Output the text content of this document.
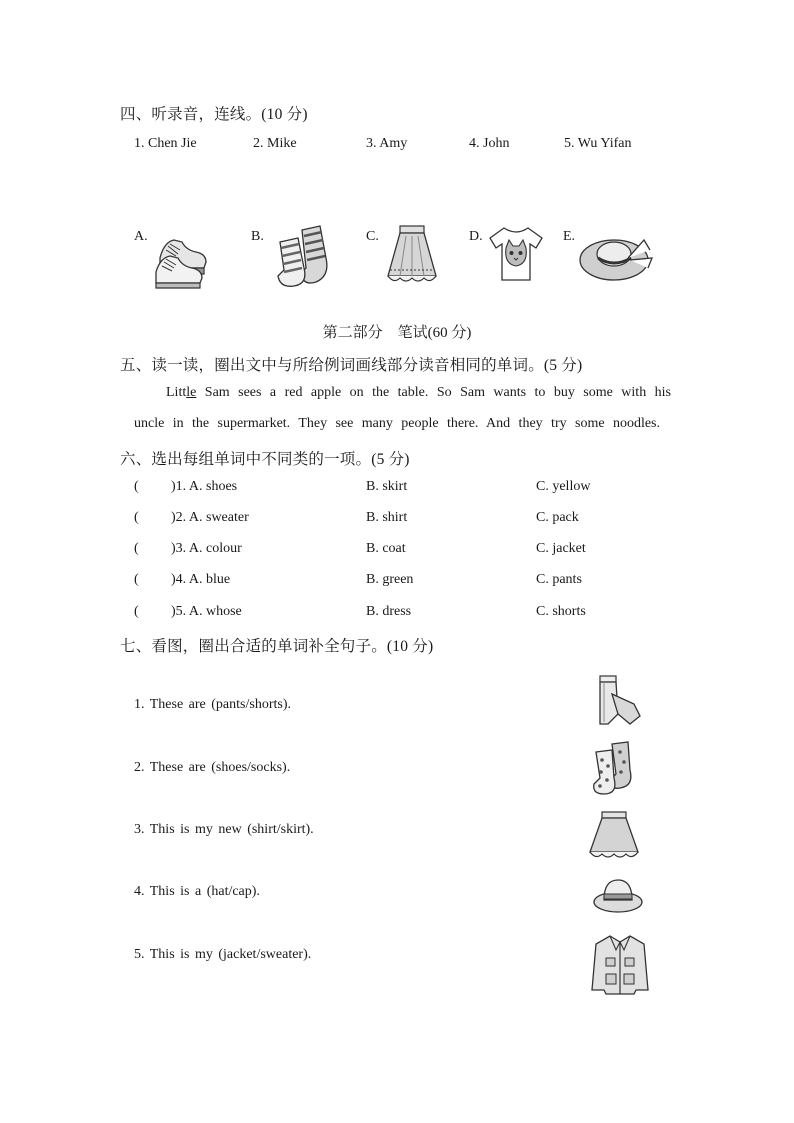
四、听录音，连线。(10 分)
1. Chen Jie	2. Mike	3. Amy	4. John	5. Wu Yifan
A.	B.	C.	D.	E.
第二部分　笔试(60 分)
五、读一读，圈出文中与所给例词画线部分读音相同的单词。(5 分)
Little Sam sees a red apple on the table. So Sam wants to buy some with his
uncle in the supermarket. They see many people there. And they try some noodles.
六、选出每组单词中不同类的一项。(5 分)
( )1. A. shoes	B. skirt	C. yellow
( )2. A. sweater	B. shirt	C. pack
( )3. A. colour	B. coat	C. jacket
( )4. A. blue	B. green	C. pants
( )5. A. whose	B. dress	C. shorts
七、看图，圈出合适的单词补全句子。(10 分)
1. These are (pants/shorts).
2. These are (shoes/socks).
3. This is my new (shirt/skirt).
4. This is a (hat/cap).
5. This is my (jacket/sweater).
